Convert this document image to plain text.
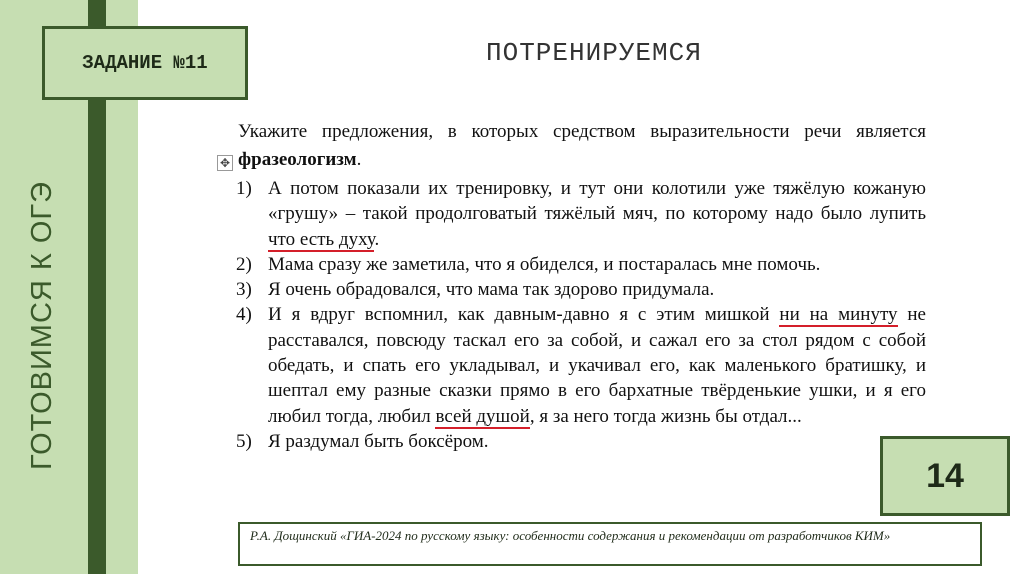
ГОТОВИМСЯ К ОГЭ
ЗАДАНИЕ №11	ПОТРЕНИРУЕМСЯ

Укажите предложения, в которых средством выразительности речи является фразеологизм.

✥
1) А потом показали их тренировку, и тут они колотили уже тяжёлую кожаную «грушу» – такой продолговатый тяжёлый мяч, по которому надо было лупить что есть духу.
2) Мама сразу же заметила, что я обиделся, и постаралась мне помочь.
3) Я очень обрадовался, что мама так здорово придумала.
4) И я вдруг вспомнил, как давным-давно я с этим мишкой ни на минуту не расставался, повсюду таскал его за собой, и сажал его за стол рядом с собой обедать, и спать его укладывал, и укачивал его, как маленького братишку, и шептал ему разные сказки прямо в его бархатные твёрденькие ушки, и я его любил тогда, любил всей душой, я за него тогда жизнь бы отдал...
5) Я раздумал быть боксёром.
14
Р.А. Дощинский «ГИА-2024 по русскому языку: особенности содержания и рекомендации от разработчиков КИМ»
